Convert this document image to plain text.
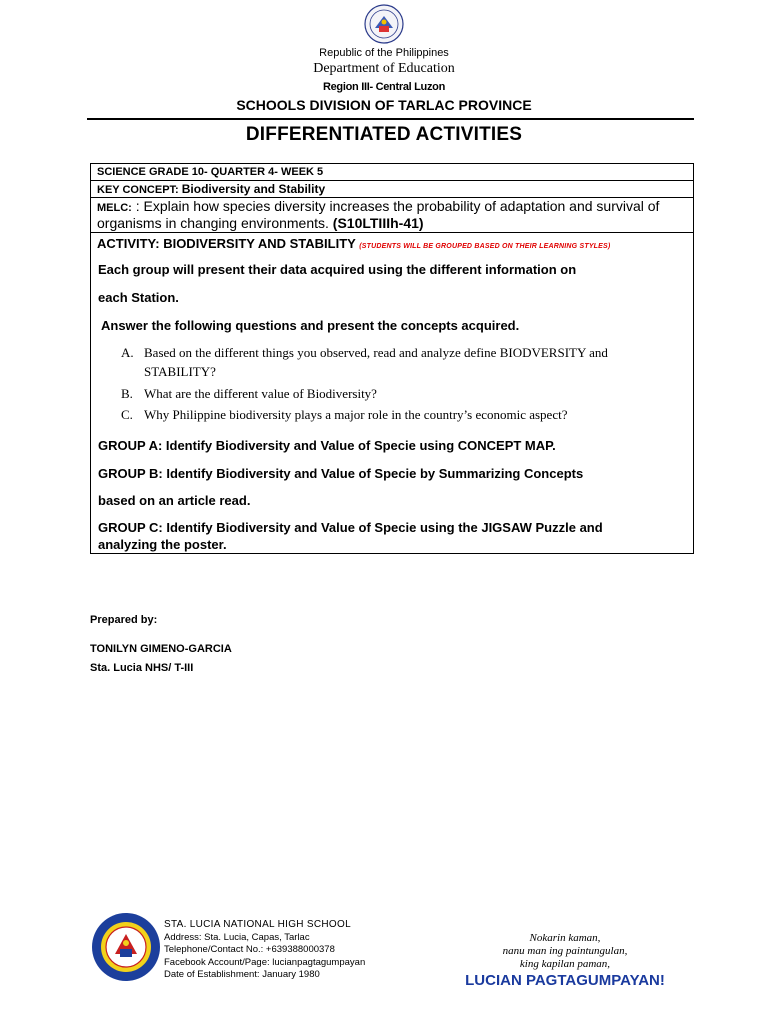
Republic of the Philippines
Department of Education
Region III- Central Luzon
SCHOOLS DIVISION OF TARLAC PROVINCE
DIFFERENTIATED ACTIVITIES
SCIENCE GRADE 10- QUARTER 4- WEEK 5
KEY CONCEPT: Biodiversity and Stability
MELC: : Explain how species diversity increases the probability of adaptation and survival of organisms in changing environments. (S10LTIIIh-41)
ACTIVITY: BIODIVERSITY AND STABILITY (STUDENTS WILL BE GROUPED BASED ON THEIR LEARNING STYLES)
Each group will present their data acquired using the different information on
each Station.
Answer the following questions and present the concepts acquired.
A. Based on the different things you observed, read and analyze define BIODVERSITY and
STABILITY?
B. What are the different value of Biodiversity?
C. Why Philippine biodiversity plays a major role in the country’s economic aspect?
GROUP A: Identify Biodiversity and Value of Specie using CONCEPT MAP.
GROUP B: Identify Biodiversity and Value of Specie by Summarizing Concepts
based on an article read.
GROUP C: Identify Biodiversity and Value of Specie using the JIGSAW Puzzle and
analyzing the poster.
Prepared by:
TONILYN GIMENO-GARCIA
Sta. Lucia NHS/ T-III
STA. LUCIA NATIONAL HIGH SCHOOL
Address: Sta. Lucia, Capas, Tarlac
Telephone/Contact No.: +639388000378
Facebook Account/Page: lucianpagtagumpayan
Date of Establishment: January 1980
Nokarin kaman,
nanu man ing paintungulan,
king kapilan paman,
LUCIAN PAGTAGUMPAYAN!
